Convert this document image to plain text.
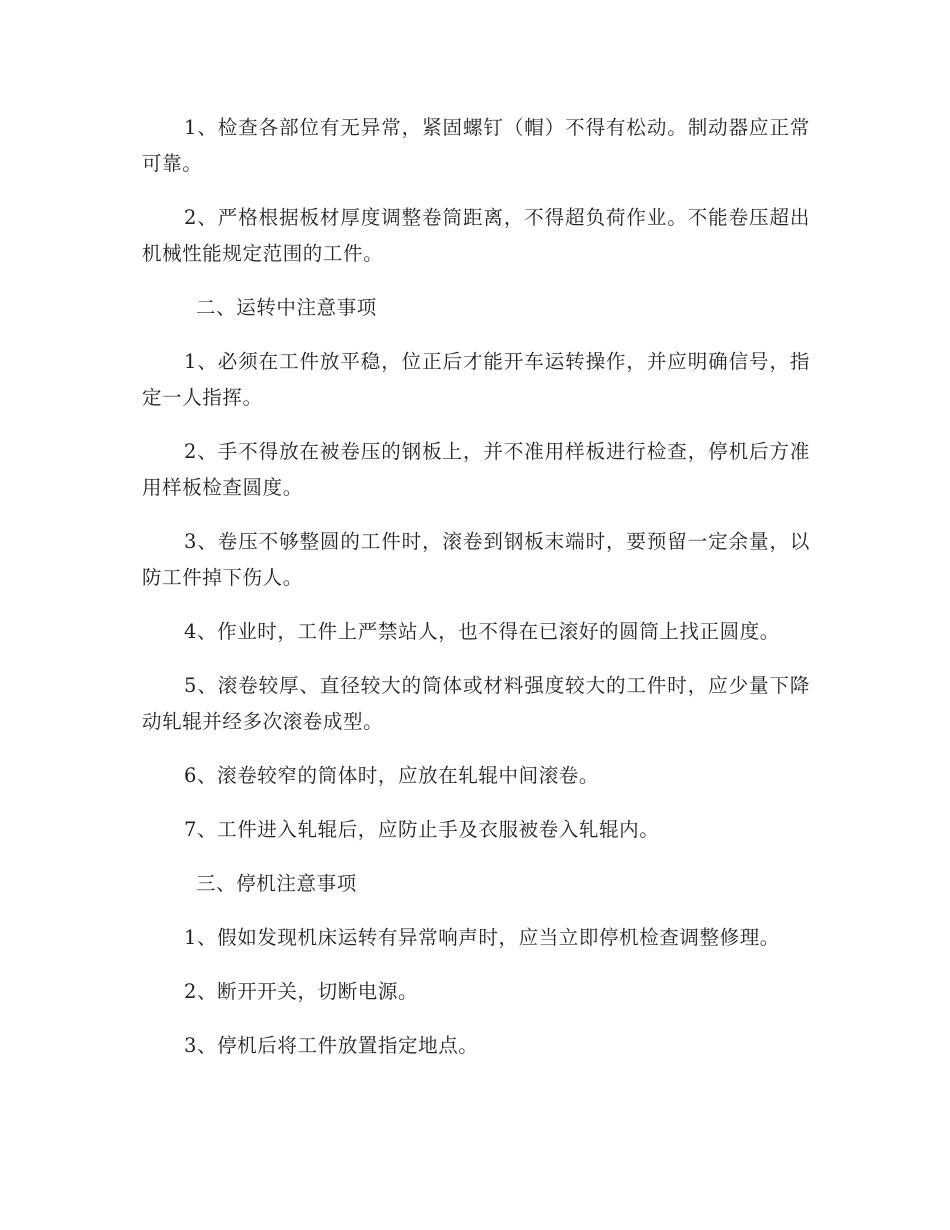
1、检查各部位有无异常，紧固螺钉（帽）不得有松动。制动器应正常可靠。

2、严格根据板材厚度调整卷筒距离，不得超负荷作业。不能卷压超出机械性能规定范围的工件。

二、运转中注意事项

1、必须在工件放平稳，位正后才能开车运转操作，并应明确信号，指定一人指挥。

2、手不得放在被卷压的钢板上，并不准用样板进行检查，停机后方准用样板检查圆度。

3、卷压不够整圆的工件时，滚卷到钢板末端时，要预留一定余量，以防工件掉下伤人。

4、作业时，工件上严禁站人，也不得在已滚好的圆筒上找正圆度。

5、滚卷较厚、直径较大的筒体或材料强度较大的工件时，应少量下降动轧辊并经多次滚卷成型。

6、滚卷较窄的筒体时，应放在轧辊中间滚卷。

7、工件进入轧辊后，应防止手及衣服被卷入轧辊内。

三、停机注意事项

1、假如发现机床运转有异常响声时，应当立即停机检查调整修理。

2、断开开关，切断电源。

3、停机后将工件放置指定地点。
